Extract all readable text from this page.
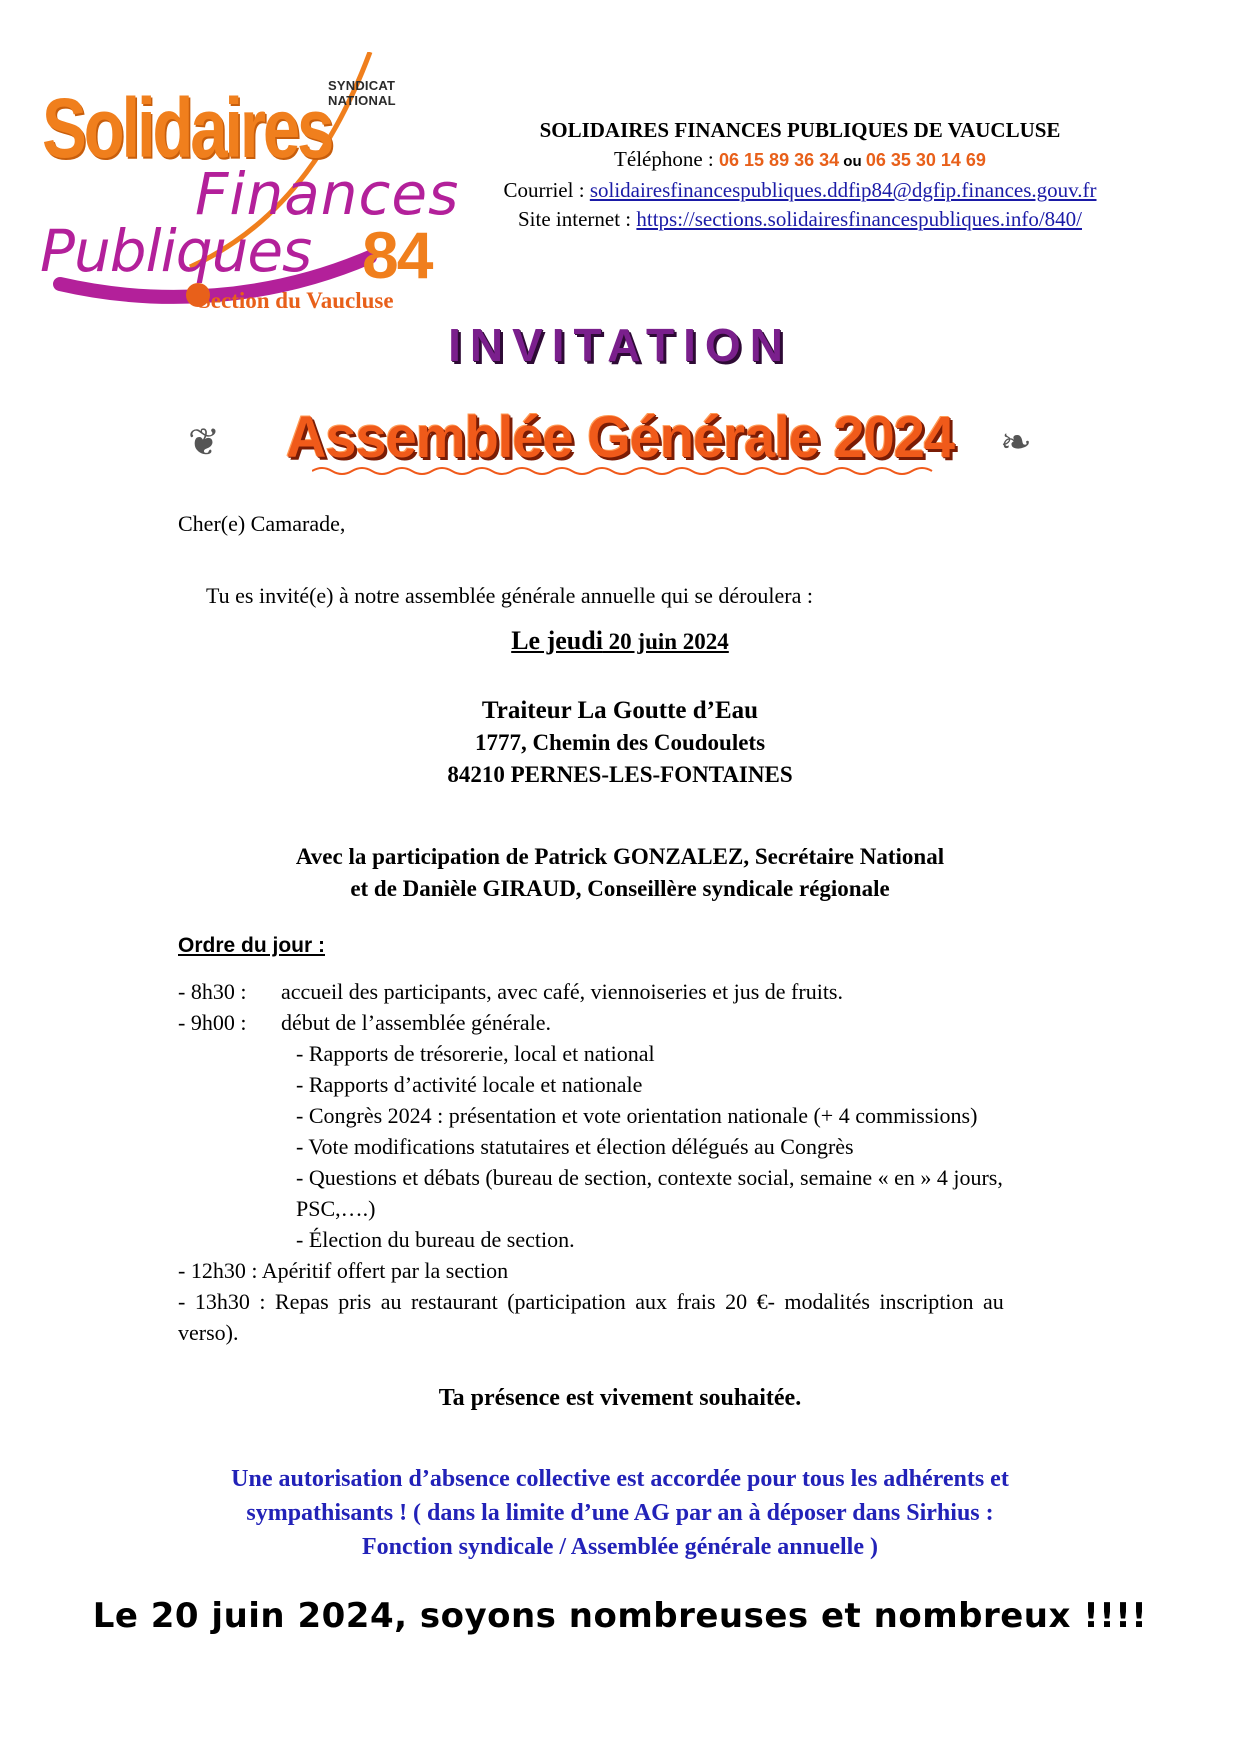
SYNDICAT NATIONAL
Solidaires
Finances
Publiques 84
Section du Vaucluse
SOLIDAIRES FINANCES PUBLIQUES DE VAUCLUSE
Téléphone : 06 15 89 36 34 ou 06 35 30 14 69
Courriel : solidairesfinancespubliques.ddfip84@dgfip.finances.gouv.fr
Site internet : https://sections.solidairesfinancespubliques.info/840/
INVITATION
❦	Assemblée Générale 2024	❧
Cher(e) Camarade,
Tu es invité(e) à notre assemblée générale annuelle qui se déroulera :
Le jeudi 20 juin 2024
Traiteur La Goutte d’Eau
1777, Chemin des Coudoulets
84210 PERNES-LES-FONTAINES
Avec la participation de Patrick GONZALEZ, Secrétaire National
et de Danièle GIRAUD, Conseillère syndicale régionale
Ordre du jour :
- 8h30 : accueil des participants, avec café, viennoiseries et jus de fruits.
- 9h00 : début de l’assemblée générale.
- Rapports de trésorerie, local et national
- Rapports d’activité locale et nationale
- Congrès 2024 : présentation et vote orientation nationale (+ 4 commissions)
- Vote modifications statutaires et élection délégués au Congrès
- Questions et débats (bureau de section, contexte social, semaine « en » 4 jours,
PSC,….)
- Élection du bureau de section.
- 12h30 : Apéritif offert par la section
- 13h30 : Repas pris au restaurant (participation aux frais 20 €- modalités inscription au
verso).
Ta présence est vivement souhaitée.
Une autorisation d’absence collective est accordée pour tous les adhérents et
sympathisants ! ( dans la limite d’une AG par an à déposer dans Sirhius :
Fonction syndicale / Assemblée générale annuelle )
Le 20 juin 2024, soyons nombreuses et nombreux !!!!
